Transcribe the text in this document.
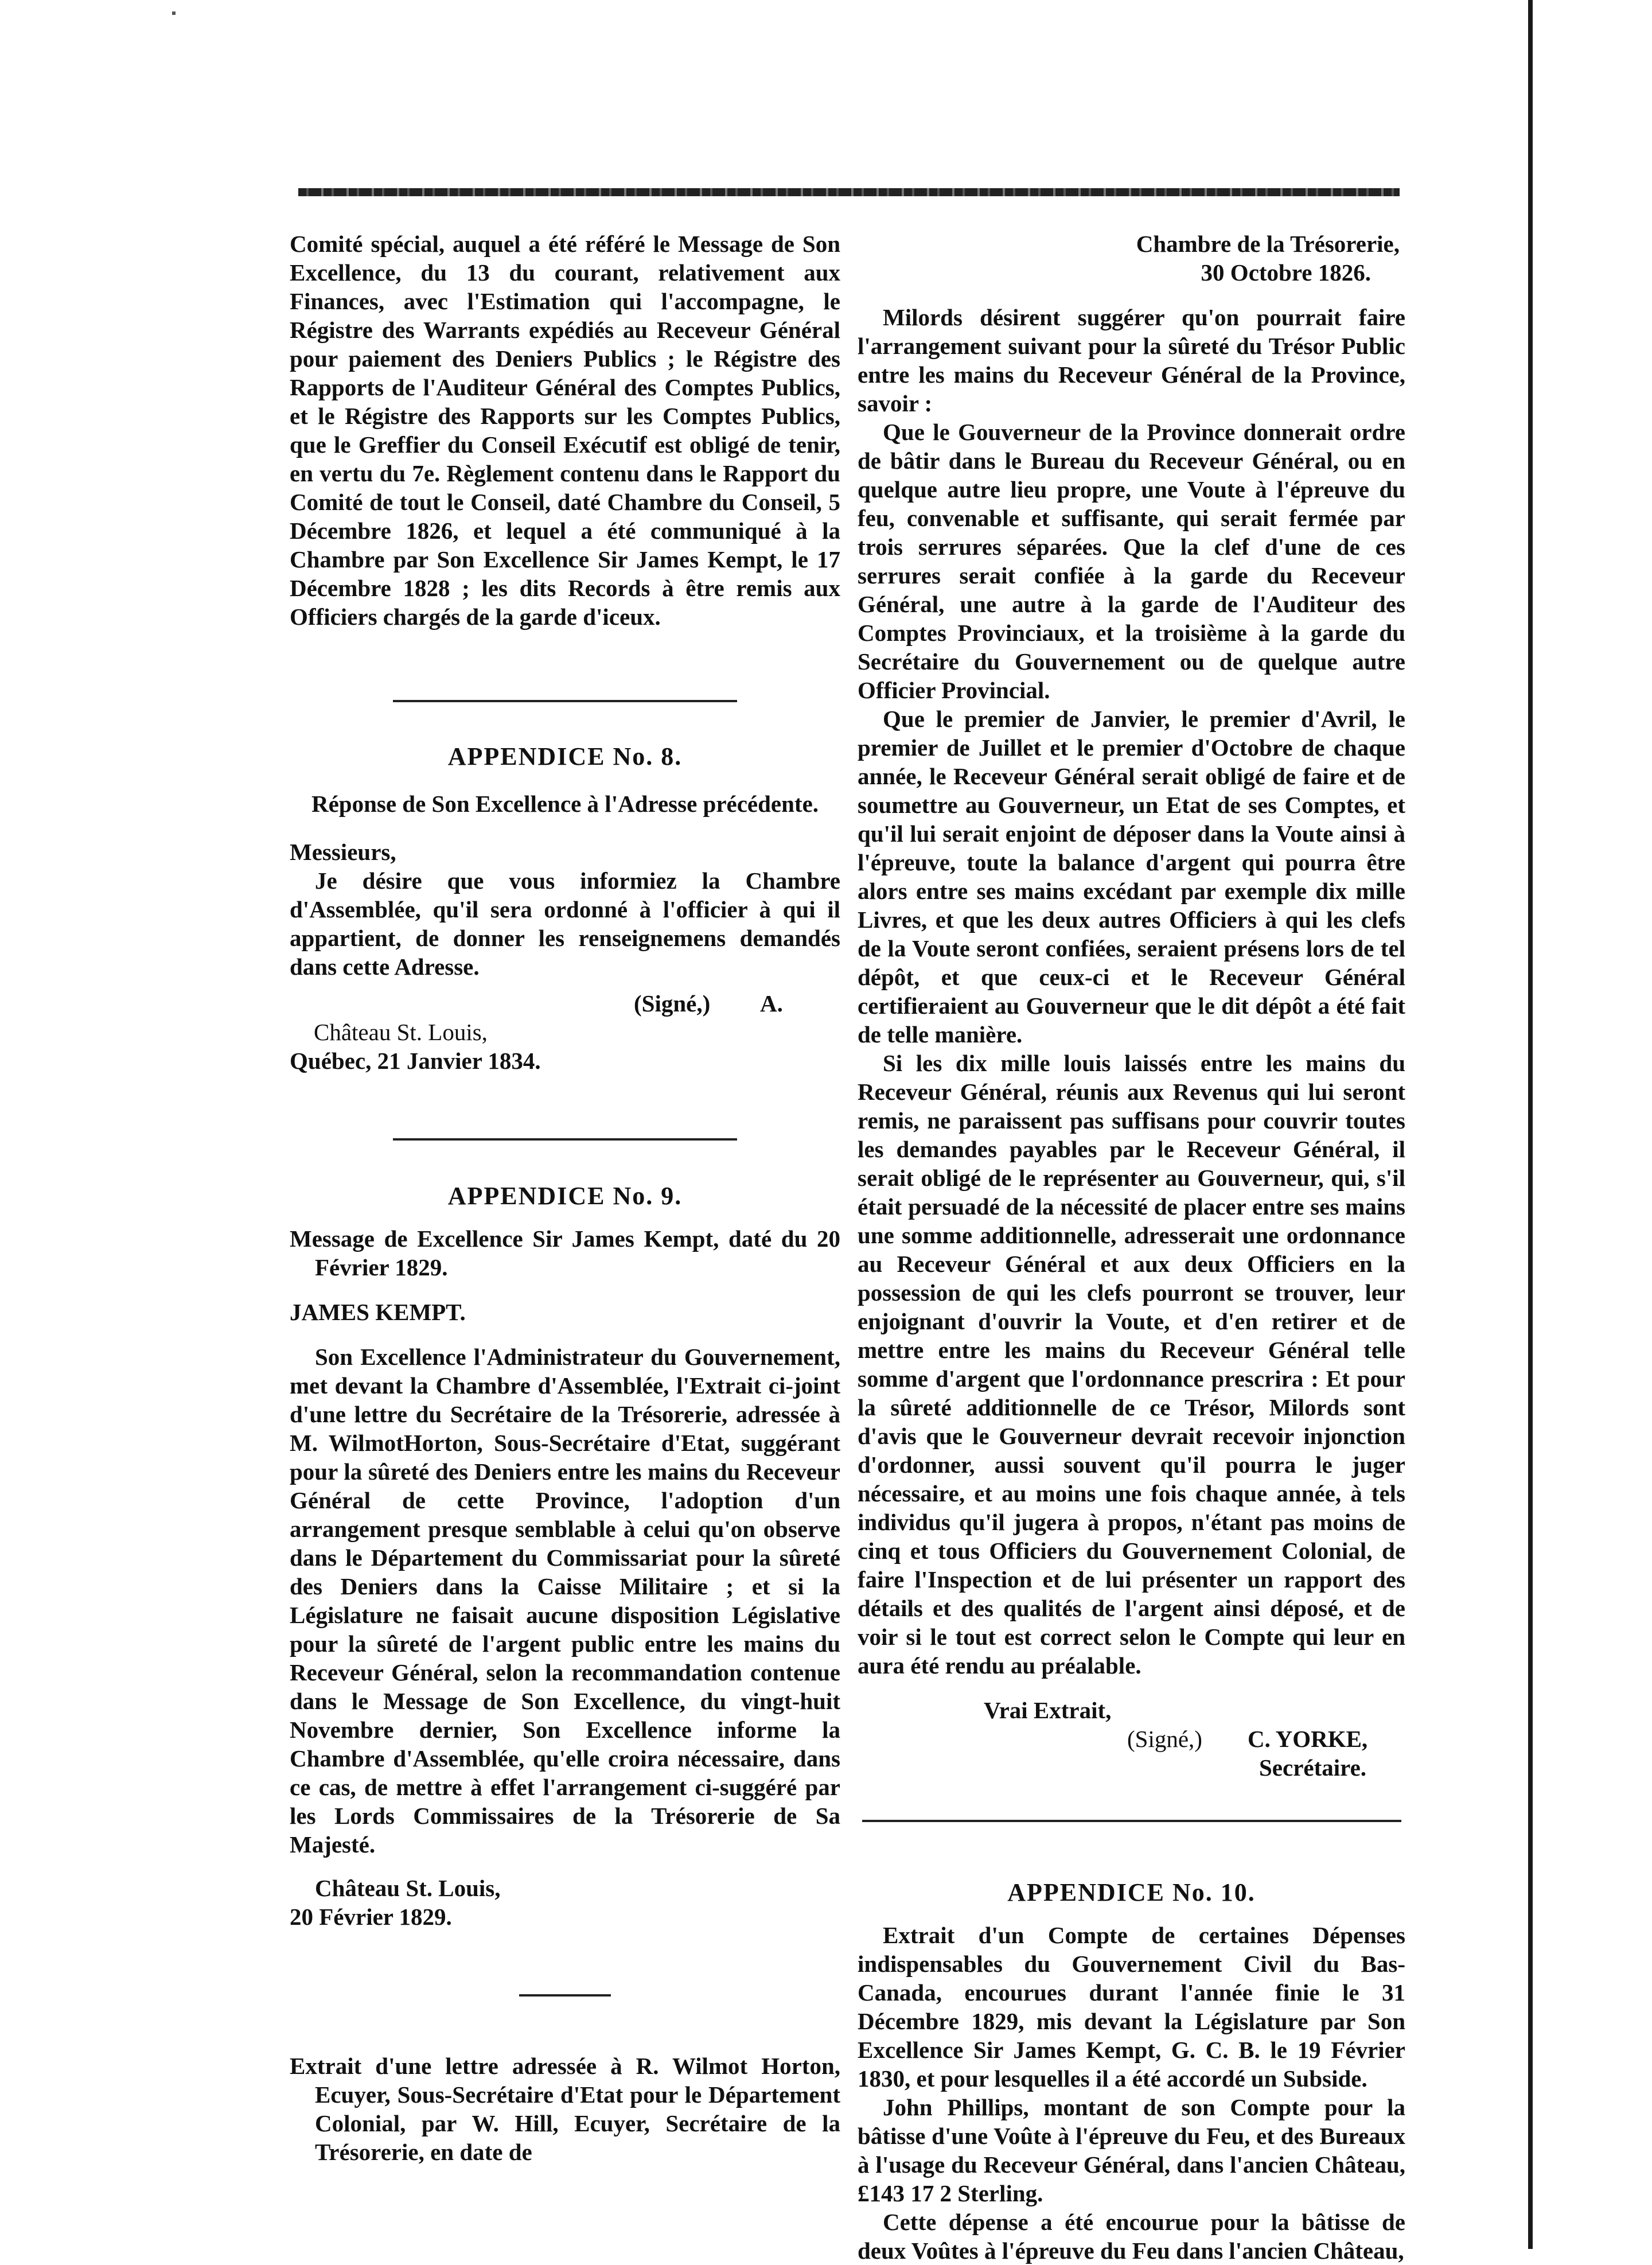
Comité spécial, auquel a été référé le Message de Son Excellence, du 13 du courant, relativement aux Finances, avec l'Estimation qui l'accompagne, le Régistre des Warrants expédiés au Receveur Général pour paiement des Deniers Publics ; le Régistre des Rapports de l'Auditeur Général des Comptes Publics, et le Régistre des Rapports sur les Comptes Publics, que le Greffier du Conseil Exécutif est obligé de tenir, en vertu du 7e. Règlement contenu dans le Rapport du Comité de tout le Conseil, daté Chambre du Conseil, 5 Décembre 1826, et lequel a été communiqué à la Chambre par Son Excellence Sir James Kempt, le 17 Décembre 1828 ; les dits Records à être remis aux Officiers chargés de la garde d'iceux.

APPENDICE No. 8.

Réponse de Son Excellence à l'Adresse précédente.

Messieurs,

Je désire que vous informiez la Chambre d'Assemblée, qu'il sera ordonné à l'officier à qui il appartient, de donner les renseignemens demandés dans cette Adresse.

(Signé,) A.

Château St. Louis,

Québec, 21 Janvier 1834.

APPENDICE No. 9.

Message de Excellence Sir James Kempt, daté du 20 Février 1829.

JAMES KEMPT.

Son Excellence l'Administrateur du Gouvernement, met devant la Chambre d'Assemblée, l'Extrait ci-joint d'une lettre du Secrétaire de la Trésorerie, adressée à M. WilmotHorton, Sous-Secrétaire d'Etat, suggérant pour la sûreté des Deniers entre les mains du Receveur Général de cette Province, l'adoption d'un arrangement presque semblable à celui qu'on observe dans le Département du Commissariat pour la sûreté des Deniers dans la Caisse Militaire ; et si la Législature ne faisait aucune disposition Législative pour la sûreté de l'argent public entre les mains du Receveur Général, selon la recommandation contenue dans le Message de Son Excellence, du vingt-huit Novembre dernier, Son Excellence informe la Chambre d'Assemblée, qu'elle croira nécessaire, dans ce cas, de mettre à effet l'arrangement ci-suggéré par les Lords Commissaires de la Trésorerie de Sa Majesté.

Château St. Louis,

20 Février 1829.

Extrait d'une lettre adressée à R. Wilmot Horton, Ecuyer, Sous-Secrétaire d'Etat pour le Département Colonial, par W. Hill, Ecuyer, Secrétaire de la Trésorerie, en date de

Chambre de la Trésorerie,

30 Octobre 1826.

Milords désirent suggérer qu'on pourrait faire l'arrangement suivant pour la sûreté du Trésor Public entre les mains du Receveur Général de la Province, savoir :

Que le Gouverneur de la Province donnerait ordre de bâtir dans le Bureau du Receveur Général, ou en quelque autre lieu propre, une Voute à l'épreuve du feu, convenable et suffisante, qui serait fermée par trois serrures séparées. Que la clef d'une de ces serrures serait confiée à la garde du Receveur Général, une autre à la garde de l'Auditeur des Comptes Provinciaux, et la troisième à la garde du Secrétaire du Gouvernement ou de quelque autre Officier Provincial.

Que le premier de Janvier, le premier d'Avril, le premier de Juillet et le premier d'Octobre de chaque année, le Receveur Général serait obligé de faire et de soumettre au Gouverneur, un Etat de ses Comptes, et qu'il lui serait enjoint de déposer dans la Voute ainsi à l'épreuve, toute la balance d'argent qui pourra être alors entre ses mains excédant par exemple dix mille Livres, et que les deux autres Officiers à qui les clefs de la Voute seront confiées, seraient présens lors de tel dépôt, et que ceux-ci et le Receveur Général certifieraient au Gouverneur que le dit dépôt a été fait de telle manière.

Si les dix mille louis laissés entre les mains du Receveur Général, réunis aux Revenus qui lui seront remis, ne paraissent pas suffisans pour couvrir toutes les demandes payables par le Receveur Général, il serait obligé de le représenter au Gouverneur, qui, s'il était persuadé de la nécessité de placer entre ses mains une somme additionnelle, adresserait une ordonnance au Receveur Général et aux deux Officiers en la possession de qui les clefs pourront se trouver, leur enjoignant d'ouvrir la Voute, et d'en retirer et de mettre entre les mains du Receveur Général telle somme d'argent que l'ordonnance prescrira : Et pour la sûreté additionnelle de ce Trésor, Milords sont d'avis que le Gouverneur devrait recevoir injonction d'ordonner, aussi souvent qu'il pourra le juger nécessaire, et au moins une fois chaque année, à tels individus qu'il jugera à propos, n'étant pas moins de cinq et tous Officiers du Gouvernement Colonial, de faire l'Inspection et de lui présenter un rapport des détails et des qualités de l'argent ainsi déposé, et de voir si le tout est correct selon le Compte qui leur en aura été rendu au préalable.

Vrai Extrait,

(Signé,) C. YORKE,

Secrétaire.

APPENDICE No. 10.

Extrait d'un Compte de certaines Dépenses indispensables du Gouvernement Civil du Bas-Canada, encourues durant l'année finie le 31 Décembre 1829, mis devant la Législature par Son Excellence Sir James Kempt, G. C. B. le 19 Février 1830, et pour lesquelles il a été accordé un Subside.

John Phillips, montant de son Compte pour la bâtisse d'une Voûte à l'épreuve du Feu, et des Bureaux à l'usage du Receveur Général, dans l'ancien Château, £143 17 2 Sterling.

Cette dépense a été encourue pour la bâtisse de deux Voûtes à l'épreuve du Feu dans l'ancien Château,
